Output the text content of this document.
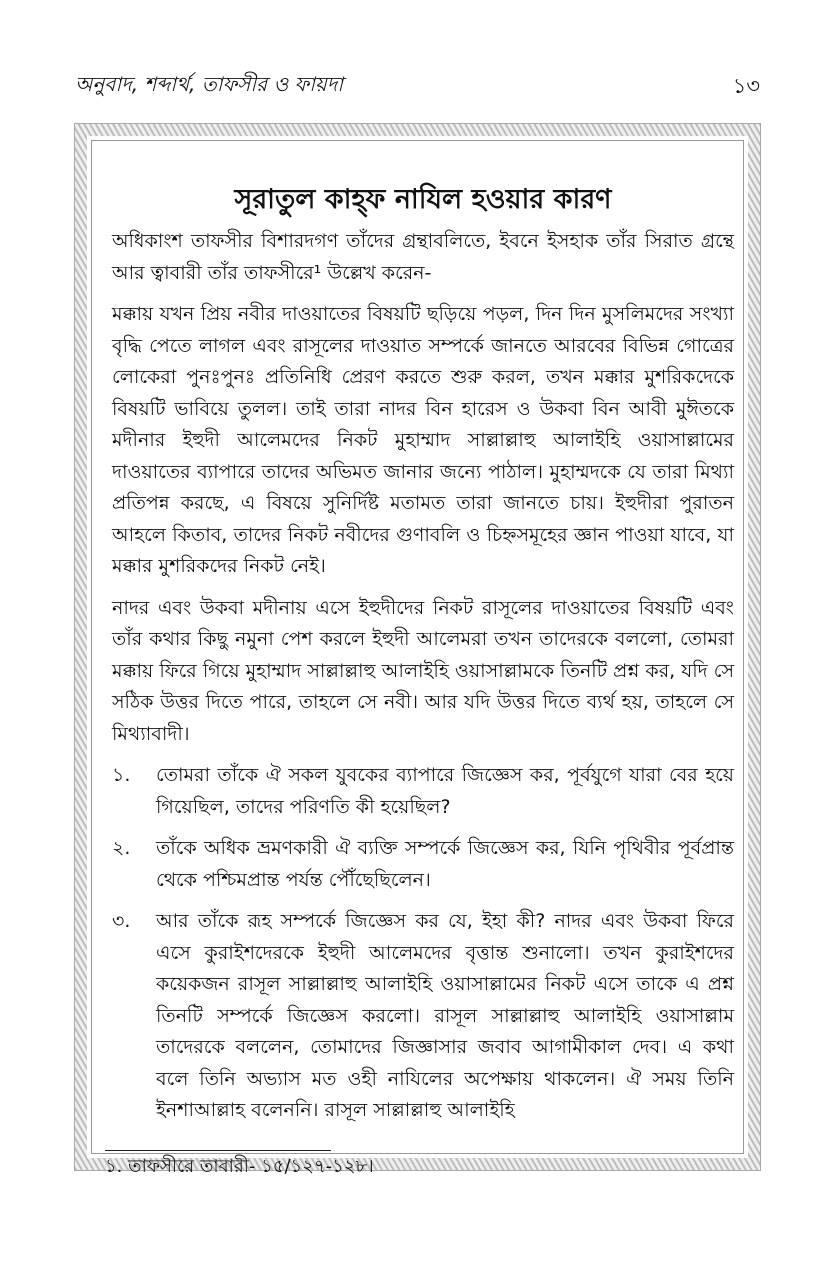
অনুবাদ, শব্দার্থ, তাফসীর ও ফায়দা	১৩
সূরাতুল কাহ্‌ফ নাযিল হওয়ার কারণ

অধিকাংশ তাফসীর বিশারদগণ তাঁদের গ্রন্থাবলিতে, ইবনে ইসহাক তাঁর সিরাত গ্রন্থে আর ত্বাবারী তাঁর তাফসীরে¹ উল্লেখ করেন-

মক্কায় যখন প্রিয় নবীর দাওয়াতের বিষয়টি ছড়িয়ে পড়ল, দিন দিন মুসলিমদের সংখ্যা বৃদ্ধি পেতে লাগল এবং রাসূলের দাওয়াত সম্পর্কে জানতে আরবের বিভিন্ন গোত্রের লোকেরা পুনঃপুনঃ প্রতিনিধি প্রেরণ করতে শুরু করল, তখন মক্কার মুশরিকদেকে বিষয়টি ভাবিয়ে তুলল। তাই তারা নাদর বিন হারেস ও উকবা বিন আবী মুঈতকে মদীনার ইহুদী আলেমদের নিকট মুহাম্মাদ সাল্লাল্লাহু আলাইহি ওয়াসাল্লামের দাওয়াতের ব্যাপারে তাদের অভিমত জানার জন্যে পাঠাল। মুহাম্মদকে যে তারা মিথ্যা প্রতিপন্ন করছে, এ বিষয়ে সুনির্দিষ্ট মতামত তারা জানতে চায়। ইহুদীরা পুরাতন আহলে কিতাব, তাদের নিকট নবীদের গুণাবলি ও চিহ্নসমূহের জ্ঞান পাওয়া যাবে, যা মক্কার মুশরিকদের নিকট নেই।

নাদর এবং উকবা মদীনায় এসে ইহুদীদের নিকট রাসূলের দাওয়াতের বিষয়টি এবং তাঁর কথার কিছু নমুনা পেশ করলে ইহুদী আলেমরা তখন তাদেরকে বললো, তোমরা মক্কায় ফিরে গিয়ে মুহাম্মাদ সাল্লাল্লাহু আলাইহি ওয়াসাল্লামকে তিনটি প্রশ্ন কর, যদি সে সঠিক উত্তর দিতে পারে, তাহলে সে নবী। আর যদি উত্তর দিতে ব্যর্থ হয়, তাহলে সে মিথ্যাবাদী।

১.	তোমরা তাঁকে ঐ সকল যুবকের ব্যাপারে জিজ্ঞেস কর, পূর্বযুগে যারা বের হয়ে গিয়েছিল, তাদের পরিণতি কী হয়েছিল?
২.	তাঁকে অধিক ভ্রমণকারী ঐ ব্যক্তি সম্পর্কে জিজ্ঞেস কর, যিনি পৃথিবীর পূর্বপ্রান্ত থেকে পশ্চিমপ্রান্ত পর্যন্ত পৌঁছেছিলেন।
৩.	আর তাঁকে রূহ সম্পর্কে জিজ্ঞেস কর যে, ইহা কী? নাদর এবং উকবা ফিরে এসে কুরাইশদেরকে ইহুদী আলেমদের বৃত্তান্ত শুনালো। তখন কুরাইশদের কয়েকজন রাসূল সাল্লাল্লাহু আলাইহি ওয়াসাল্লামের নিকট এসে তাকে এ প্রশ্ন তিনটি সম্পর্কে জিজ্ঞেস করলো। রাসূল সাল্লাল্লাহু আলাইহি ওয়াসাল্লাম তাদেরকে বললেন, তোমাদের জিজ্ঞাসার জবাব আগামীকাল দেব। এ কথা বলে তিনি অভ্যাস মত ওহী নাযিলের অপেক্ষায় থাকলেন। ঐ সময় তিনি ইনশাআল্লাহ বলেননি। রাসূল সাল্লাল্লাহু আলাইহি
১. তাফসীরে তাবারী- ১৫/১২৭-১২৮।
